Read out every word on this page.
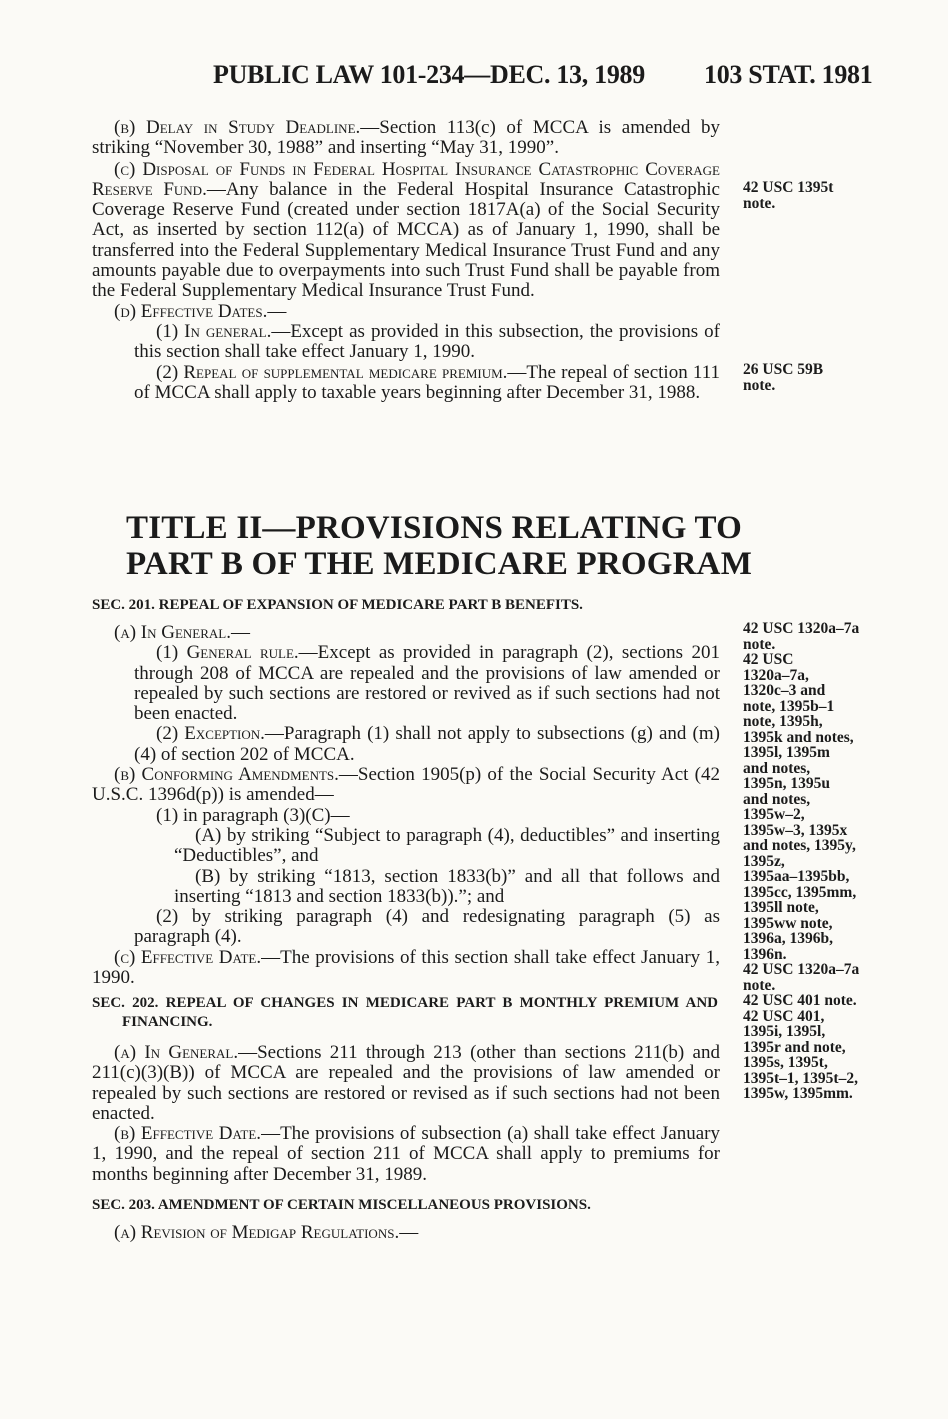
PUBLIC LAW 101-234—DEC. 13, 1989 103 STAT. 1981

(b) Delay in Study Deadline.—Section 113(c) of MCCA is amended by striking “November 30, 1988” and inserting “May 31, 1990”.

(c) Disposal of Funds in Federal Hospital Insurance Catastrophic Coverage Reserve Fund.—Any balance in the Federal Hospital Insurance Catastrophic Coverage Reserve Fund (created under section 1817A(a) of the Social Security Act, as inserted by section 112(a) of MCCA) as of January 1, 1990, shall be transferred into the Federal Supplementary Medical Insurance Trust Fund and any amounts payable due to overpayments into such Trust Fund shall be payable from the Federal Supplementary Medical Insurance Trust Fund.

(d) Effective Dates.—

(1) In general.—Except as provided in this subsection, the provisions of this section shall take effect January 1, 1990.

(2) Repeal of supplemental medicare premium.—The repeal of section 111 of MCCA shall apply to taxable years beginning after December 31, 1988.

TITLE II—PROVISIONS RELATING TO
PART B OF THE MEDICARE PROGRAM

SEC. 201. REPEAL OF EXPANSION OF MEDICARE PART B BENEFITS.

(a) In General.—

(1) General rule.—Except as provided in paragraph (2), sections 201 through 208 of MCCA are repealed and the provisions of law amended or repealed by such sections are restored or revived as if such sections had not been enacted.

(2) Exception.—Paragraph (1) shall not apply to subsections (g) and (m)(4) of section 202 of MCCA.

(b) Conforming Amendments.—Section 1905(p) of the Social Security Act (42 U.S.C. 1396d(p)) is amended—

(1) in paragraph (3)(C)—

(A) by striking “Subject to paragraph (4), deductibles” and inserting “Deductibles”, and

(B) by striking “1813, section 1833(b)” and all that follows and inserting “1813 and section 1833(b)).”; and

(2) by striking paragraph (4) and redesignating paragraph (5) as paragraph (4).

(c) Effective Date.—The provisions of this section shall take effect January 1, 1990.

SEC. 202. REPEAL OF CHANGES IN MEDICARE PART B MONTHLY PREMIUM AND FINANCING.

(a) In General.—Sections 211 through 213 (other than sections 211(b) and 211(c)(3)(B)) of MCCA are repealed and the provisions of law amended or repealed by such sections are restored or revised as if such sections had not been enacted.

(b) Effective Date.—The provisions of subsection (a) shall take effect January 1, 1990, and the repeal of section 211 of MCCA shall apply to premiums for months beginning after December 31, 1989.

SEC. 203. AMENDMENT OF CERTAIN MISCELLANEOUS PROVISIONS.

(a) Revision of Medigap Regulations.—

42 USC 1395t
note.
26 USC 59B
note.
42 USC 1320a–7a
note.
42 USC
1320a–7a,
1320c–3 and
note, 1395b–1
note, 1395h,
1395k and notes,
1395l, 1395m
and notes,
1395n, 1395u
and notes,
1395w–2,
1395w–3, 1395x
and notes, 1395y,
1395z,
1395aa–1395bb,
1395cc, 1395mm,
1395ll note,
1395ww note,
1396a, 1396b,
1396n.
42 USC 1320a–7a
note.
42 USC 401 note.
42 USC 401,
1395i, 1395l,
1395r and note,
1395s, 1395t,
1395t–1, 1395t–2,
1395w, 1395mm.
